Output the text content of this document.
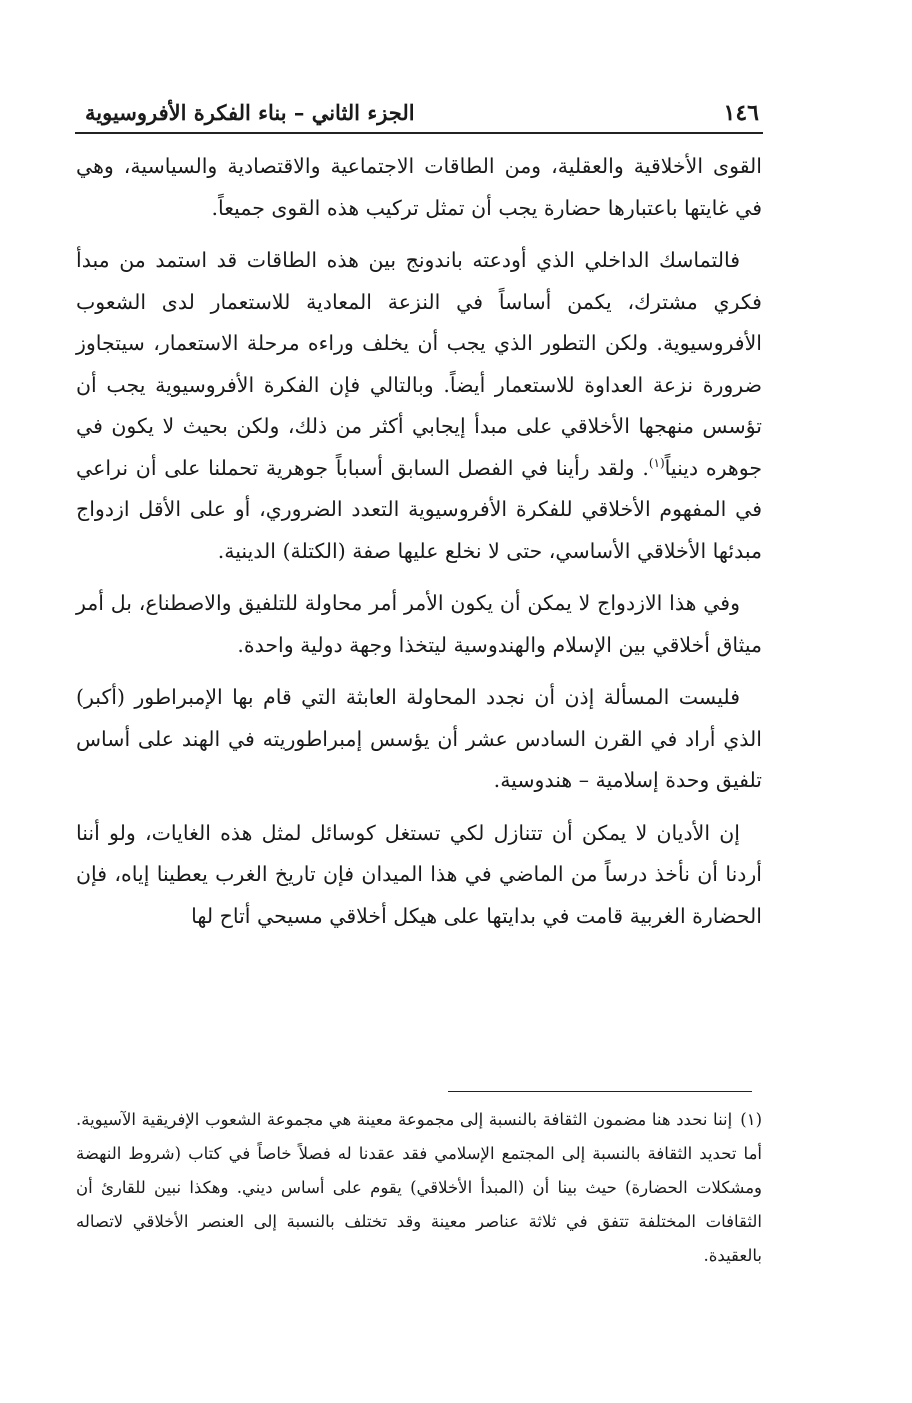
١٤٦
الجزء الثاني – بناء الفكرة الأفروسيوية

القوى الأخلاقية والعقلية، ومن الطاقات الاجتماعية والاقتصادية والسياسية، وهي في غايتها باعتبارها حضارة يجب أن تمثل تركيب هذه القوى جميعاً.

فالتماسك الداخلي الذي أودعته باندونج بين هذه الطاقات قد استمد من مبدأ فكري مشترك، يكمن أساساً في النزعة المعادية للاستعمار لدى الشعوب الأفروسيوية. ولكن التطور الذي يجب أن يخلف وراءه مرحلة الاستعمار، سيتجاوز ضرورة نزعة العداوة للاستعمار أيضاً. وبالتالي فإن الفكرة الأفروسيوية يجب أن تؤسس منهجها الأخلاقي على مبدأ إيجابي أكثر من ذلك، ولكن بحيث لا يكون في جوهره دينياً$^{(١)}$. ولقد رأينا في الفصل السابق أسباباً جوهرية تحملنا على أن نراعي في المفهوم الأخلاقي للفكرة الأفروسيوية التعدد الضروري، أو على الأقل ازدواج مبدئها الأخلاقي الأساسي، حتى لا نخلع عليها صفة (الكتلة) الدينية.

وفي هذا الازدواج لا يمكن أن يكون الأمر أمر محاولة للتلفيق والاصطناع، بل أمر ميثاق أخلاقي بين الإسلام والهندوسية ليتخذا وجهة دولية واحدة.

فليست المسألة إذن أن نجدد المحاولة العابثة التي قام بها الإمبراطور (أكبر) الذي أراد في القرن السادس عشر أن يؤسس إمبراطوريته في الهند على أساس تلفيق وحدة إسلامية – هندوسية.

إن الأديان لا يمكن أن تتنازل لكي تستغل كوسائل لمثل هذه الغايات، ولو أننا أردنا أن نأخذ درساً من الماضي في هذا الميدان فإن تاريخ الغرب يعطينا إياه، فإن الحضارة الغربية قامت في بدايتها على هيكل أخلاقي مسيحي أتاح لها

(١)إننا نحدد هنا مضمون الثقافة بالنسبة إلى مجموعة معينة هي مجموعة الشعوب الإفريقية الآسيوية. أما تحديد الثقافة بالنسبة إلى المجتمع الإسلامي فقد عقدنا له فصلاً خاصاً في كتاب (شروط النهضة ومشكلات الحضارة) حيث بينا أن (المبدأ الأخلاقي) يقوم على أساس ديني. وهكذا نبين للقارئ أن الثقافات المختلفة تتفق في ثلاثة عناصر معينة وقد تختلف بالنسبة إلى العنصر الأخلاقي لاتصاله بالعقيدة.
